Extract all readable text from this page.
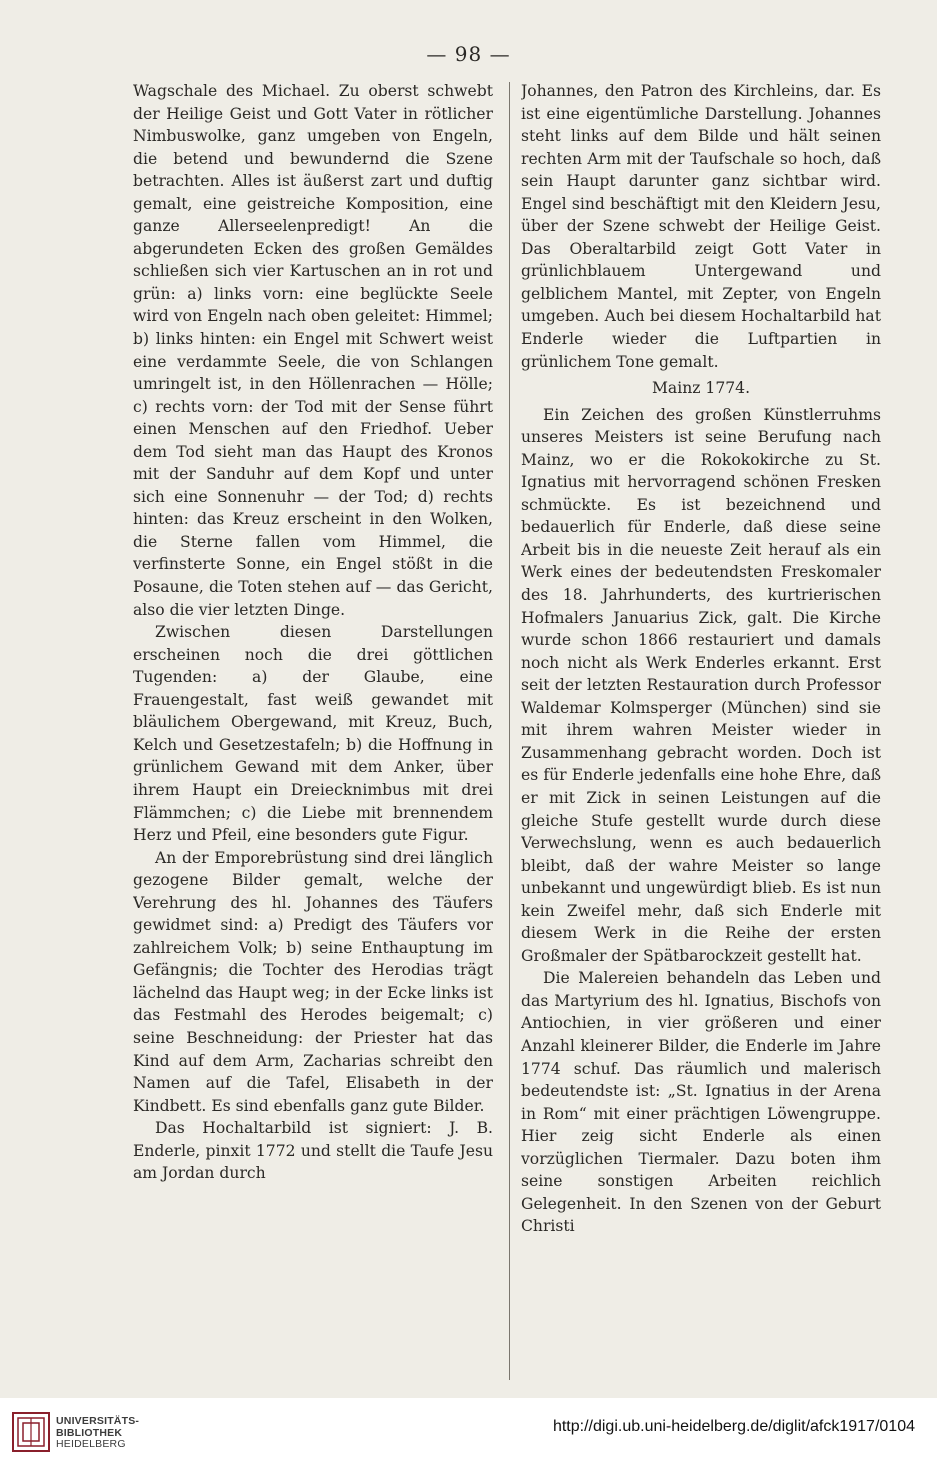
— 98 —

Wagschale des Michael. Zu oberst schwebt der Heilige Geist und Gott Vater in rötlicher Nimbuswolke, ganz umgeben von Engeln, die betend und bewundernd die Szene betrachten. Alles ist äußerst zart und duftig gemalt, eine geistreiche Komposition, eine ganze Allerseelenpredigt! An die abgerundeten Ecken des großen Gemäldes schließen sich vier Kartuschen an in rot und grün: a) links vorn: eine beglückte Seele wird von Engeln nach oben geleitet: Himmel; b) links hinten: ein Engel mit Schwert weist eine verdammte Seele, die von Schlangen umringelt ist, in den Höllenrachen — Hölle; c) rechts vorn: der Tod mit der Sense führt einen Menschen auf den Friedhof. Ueber dem Tod sieht man das Haupt des Kronos mit der Sanduhr auf dem Kopf und unter sich eine Sonnenuhr — der Tod; d) rechts hinten: das Kreuz erscheint in den Wolken, die Sterne fallen vom Himmel, die verfinsterte Sonne, ein Engel stößt in die Posaune, die Toten stehen auf — das Gericht, also die vier letzten Dinge.

Zwischen diesen Darstellungen erscheinen noch die drei göttlichen Tugenden: a) der Glaube, eine Frauengestalt, fast weiß gewandet mit bläulichem Obergewand, mit Kreuz, Buch, Kelch und Gesetzestafeln; b) die Hoffnung in grünlichem Gewand mit dem Anker, über ihrem Haupt ein Dreiecknimbus mit drei Flämmchen; c) die Liebe mit brennendem Herz und Pfeil, eine besonders gute Figur.

An der Emporebrüstung sind drei länglich gezogene Bilder gemalt, welche der Verehrung des hl. Johannes des Täufers gewidmet sind: a) Predigt des Täufers vor zahlreichem Volk; b) seine Enthauptung im Gefängnis; die Tochter des Herodias trägt lächelnd das Haupt weg; in der Ecke links ist das Festmahl des Herodes beigemalt; c) seine Beschneidung: der Priester hat das Kind auf dem Arm, Zacharias schreibt den Namen auf die Tafel, Elisabeth in der Kindbett. Es sind ebenfalls ganz gute Bilder.

Das Hochaltarbild ist signiert: J. B. Enderle, pinxit 1772 und stellt die Taufe Jesu am Jordan durch

Johannes, den Patron des Kirchleins, dar. Es ist eine eigentümliche Darstellung. Johannes steht links auf dem Bilde und hält seinen rechten Arm mit der Taufschale so hoch, daß sein Haupt darunter ganz sichtbar wird. Engel sind beschäftigt mit den Kleidern Jesu, über der Szene schwebt der Heilige Geist. Das Oberaltarbild zeigt Gott Vater in grünlichblauem Untergewand und gelblichem Mantel, mit Zepter, von Engeln umgeben. Auch bei diesem Hochaltarbild hat Enderle wieder die Luftpartien in grünlichem Tone gemalt.

Mainz 1774.

Ein Zeichen des großen Künstlerruhms unseres Meisters ist seine Berufung nach Mainz, wo er die Rokokokirche zu St. Ignatius mit hervorragend schönen Fresken schmückte. Es ist bezeichnend und bedauerlich für Enderle, daß diese seine Arbeit bis in die neueste Zeit herauf als ein Werk eines der bedeutendsten Freskomaler des 18. Jahrhunderts, des kurtrierischen Hofmalers Januarius Zick, galt. Die Kirche wurde schon 1866 restauriert und damals noch nicht als Werk Enderles erkannt. Erst seit der letzten Restauration durch Professor Waldemar Kolmsperger (München) sind sie mit ihrem wahren Meister wieder in Zusammenhang gebracht worden. Doch ist es für Enderle jedenfalls eine hohe Ehre, daß er mit Zick in seinen Leistungen auf die gleiche Stufe gestellt wurde durch diese Verwechslung, wenn es auch bedauerlich bleibt, daß der wahre Meister so lange unbekannt und ungewürdigt blieb. Es ist nun kein Zweifel mehr, daß sich Enderle mit diesem Werk in die Reihe der ersten Großmaler der Spätbarockzeit gestellt hat.

Die Malereien behandeln das Leben und das Martyrium des hl. Ignatius, Bischofs von Antiochien, in vier größeren und einer Anzahl kleinerer Bilder, die Enderle im Jahre 1774 schuf. Das räumlich und malerisch bedeutendste ist: „St. Ignatius in der Arena in Rom“ mit einer prächtigen Löwengruppe. Hier zeig sicht Enderle als einen vorzüglichen Tiermaler. Dazu boten ihm seine sonstigen Arbeiten reichlich Gelegenheit. In den Szenen von der Geburt Christi

UNIVERSITÄTS-
BIBLIOTHEK
HEIDELBERG
http://digi.ub.uni-heidelberg.de/diglit/afck1917/0104
